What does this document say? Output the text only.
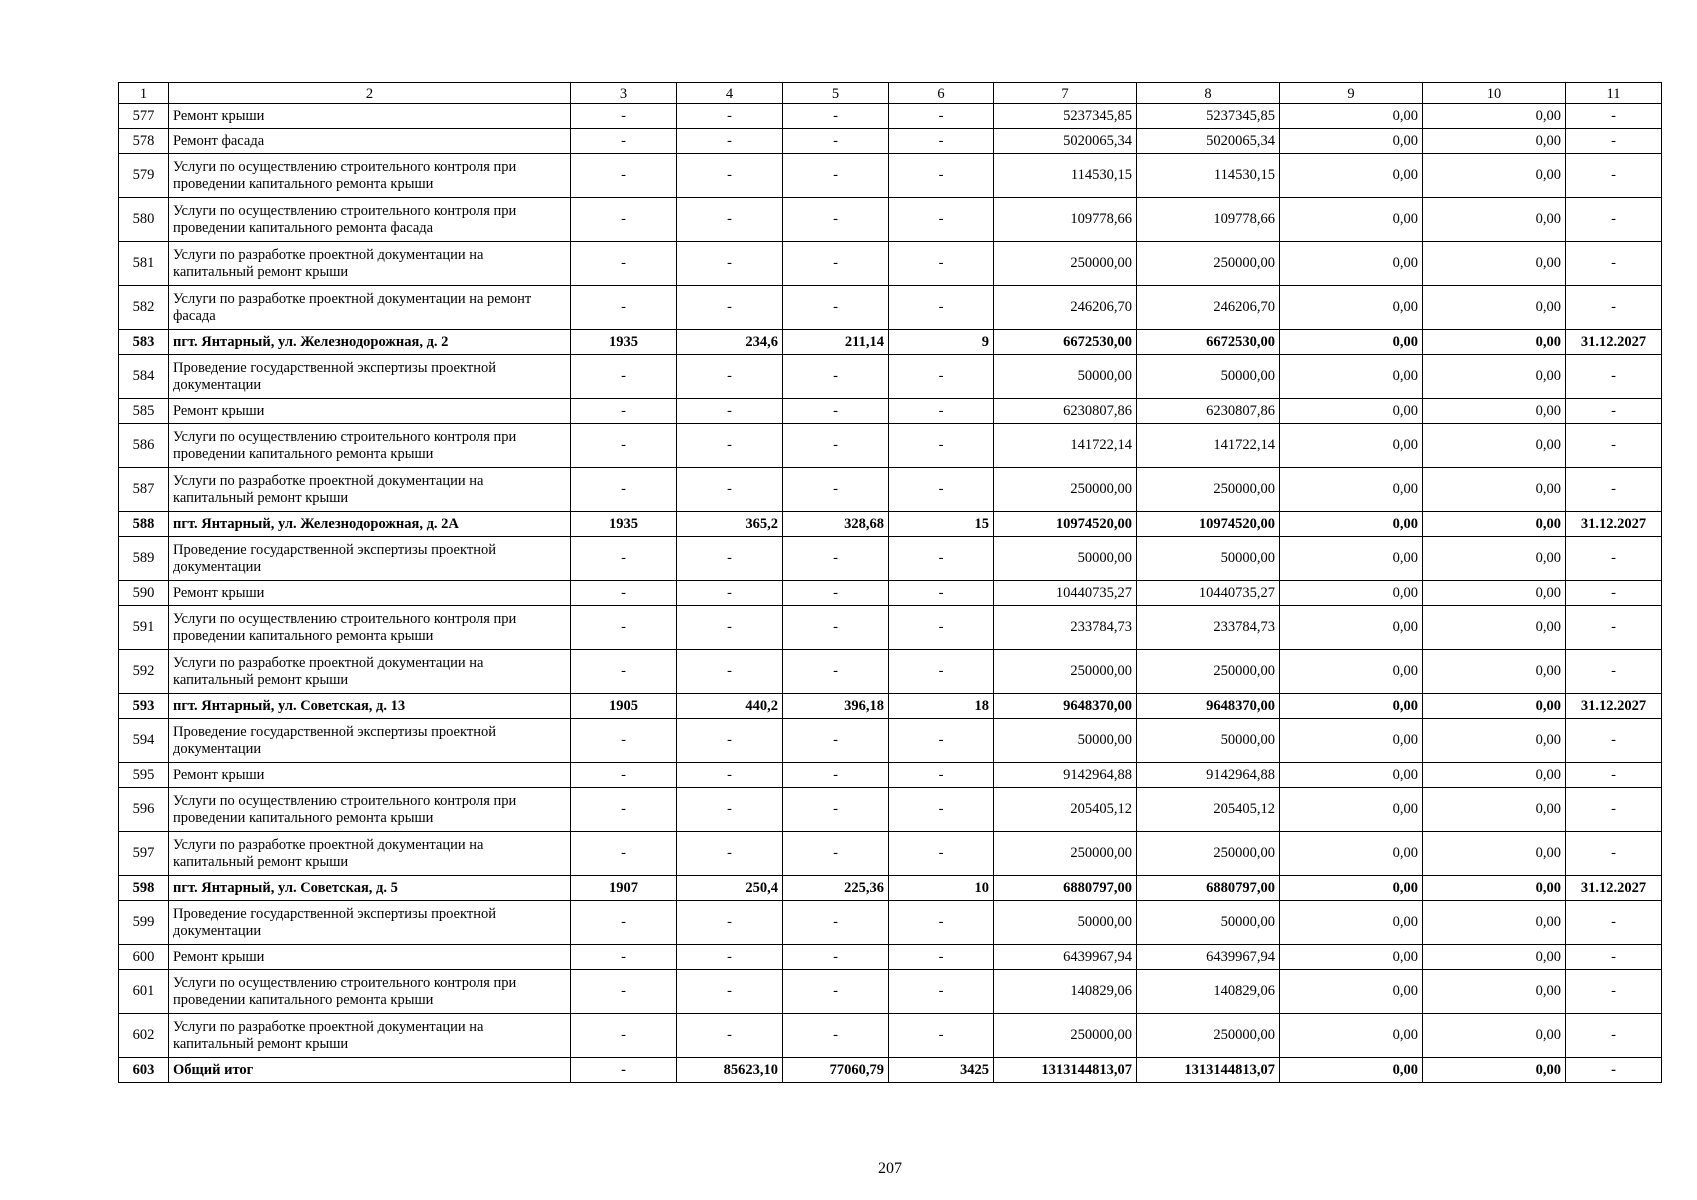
1	2	3	4	5	6	7	8	9	10	11
577	Ремонт крыши	-	-	-	-	5237345,85	5237345,85	0,00	0,00	-
578	Ремонт фасада	-	-	-	-	5020065,34	5020065,34	0,00	0,00	-
579	Услуги по осуществлению строительного контроля при проведении капитального ремонта крыши	-	-	-	-	114530,15	114530,15	0,00	0,00	-
580	Услуги по осуществлению строительного контроля при проведении капитального ремонта фасада	-	-	-	-	109778,66	109778,66	0,00	0,00	-
581	Услуги по разработке проектной документации на капитальный ремонт крыши	-	-	-	-	250000,00	250000,00	0,00	0,00	-
582	Услуги по разработке проектной документации на ремонт фасада	-	-	-	-	246206,70	246206,70	0,00	0,00	-
583	пгт. Янтарный, ул. Железнодорожная, д. 2	1935	234,6	211,14	9	6672530,00	6672530,00	0,00	0,00	31.12.2027
584	Проведение государственной экспертизы проектной документации	-	-	-	-	50000,00	50000,00	0,00	0,00	-
585	Ремонт крыши	-	-	-	-	6230807,86	6230807,86	0,00	0,00	-
586	Услуги по осуществлению строительного контроля при проведении капитального ремонта крыши	-	-	-	-	141722,14	141722,14	0,00	0,00	-
587	Услуги по разработке проектной документации на капитальный ремонт крыши	-	-	-	-	250000,00	250000,00	0,00	0,00	-
588	пгт. Янтарный, ул. Железнодорожная, д. 2А	1935	365,2	328,68	15	10974520,00	10974520,00	0,00	0,00	31.12.2027
589	Проведение государственной экспертизы проектной документации	-	-	-	-	50000,00	50000,00	0,00	0,00	-
590	Ремонт крыши	-	-	-	-	10440735,27	10440735,27	0,00	0,00	-
591	Услуги по осуществлению строительного контроля при проведении капитального ремонта крыши	-	-	-	-	233784,73	233784,73	0,00	0,00	-
592	Услуги по разработке проектной документации на капитальный ремонт крыши	-	-	-	-	250000,00	250000,00	0,00	0,00	-
593	пгт. Янтарный, ул. Советская, д. 13	1905	440,2	396,18	18	9648370,00	9648370,00	0,00	0,00	31.12.2027
594	Проведение государственной экспертизы проектной документации	-	-	-	-	50000,00	50000,00	0,00	0,00	-
595	Ремонт крыши	-	-	-	-	9142964,88	9142964,88	0,00	0,00	-
596	Услуги по осуществлению строительного контроля при проведении капитального ремонта крыши	-	-	-	-	205405,12	205405,12	0,00	0,00	-
597	Услуги по разработке проектной документации на капитальный ремонт крыши	-	-	-	-	250000,00	250000,00	0,00	0,00	-
598	пгт. Янтарный, ул. Советская, д. 5	1907	250,4	225,36	10	6880797,00	6880797,00	0,00	0,00	31.12.2027
599	Проведение государственной экспертизы проектной документации	-	-	-	-	50000,00	50000,00	0,00	0,00	-
600	Ремонт крыши	-	-	-	-	6439967,94	6439967,94	0,00	0,00	-
601	Услуги по осуществлению строительного контроля при проведении капитального ремонта крыши	-	-	-	-	140829,06	140829,06	0,00	0,00	-
602	Услуги по разработке проектной документации на капитальный ремонт крыши	-	-	-	-	250000,00	250000,00	0,00	0,00	-
603	Общий итог	-	85623,10	77060,79	3425	1313144813,07	1313144813,07	0,00	0,00	-
207
